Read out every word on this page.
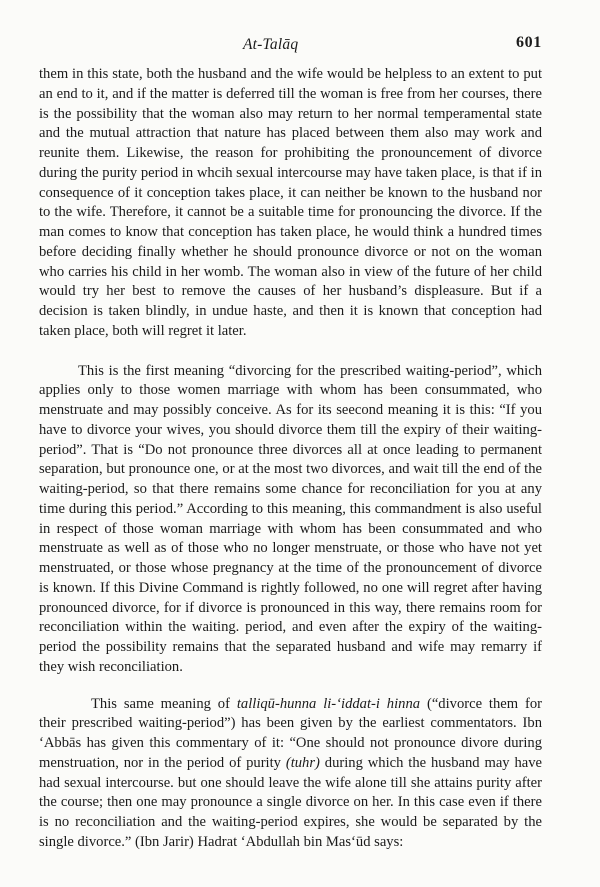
At-Talāq	601

them in this state, both the husband and the wife would be helpless to an extent to put an end to it, and if the matter is deferred till the woman is free from her courses, there is the possibility that the woman also may return to her normal temperamental state and the mutual attraction that nature has placed between them also may work and reunite them. Likewise, the reason for prohibiting the pronouncement of divorce during the purity period in whcih sexual intercourse may have taken place, is that if in consequence of it conception takes place, it can neither be known to the husband nor to the wife. Therefore, it cannot be a suitable time for pronouncing the divorce. If the man comes to know that conception has taken place, he would think a hundred times before deciding finally whether he should pronounce divorce or not on the woman who carries his child in her womb. The woman also in view of the future of her child would try her best to remove the causes of her husband’s displeasure. But if a decision is taken blindly, in undue haste, and then it is known that conception had taken place, both will regret it later.

This is the first meaning “divorcing for the prescribed waiting-period”, which applies only to those women marriage with whom has been consummated, who menstruate and may possibly conceive. As for its seecond meaning it is this: “If you have to divorce your wives, you should divorce them till the expiry of their waiting-period”. That is “Do not pronounce three divorces all at once leading to permanent separation, but pronounce one, or at the most two divorces, and wait till the end of the waiting-period, so that there remains some chance for reconciliation for you at any time during this period.” According to this meaning, this commandment is also useful in respect of those woman marriage with whom has been consummated and who menstruate as well as of those who no longer menstruate, or those who have not yet menstruated, or those whose pregnancy at the time of the pronouncement of divorce is known. If this Divine Command is rightly followed, no one will regret after having pronounced divorce, for if divorce is pronounced in this way, there remains room for reconciliation within the waiting. period, and even after the expiry of the waiting-period the possibility remains that the separated husband and wife may remarry if they wish reconciliation.

This same meaning of talliqū-hunna li-‘iddat-i hinna (“divorce them for their prescribed waiting-period”) has been given by the earliest commentators. Ibn ‘Abbās has given this commentary of it: “One should not pronounce divore during menstruation, nor in the period of purity (tuhr) during which the husband may have had sexual intercourse. but one should leave the wife alone till she attains purity after the course; then one may pronounce a single divorce on her. In this case even if there is no reconciliation and the waiting-period expires, she would be separated by the single divorce.” (Ibn Jarir) Hadrat ‘Abdullah bin Mas‘ūd says:
